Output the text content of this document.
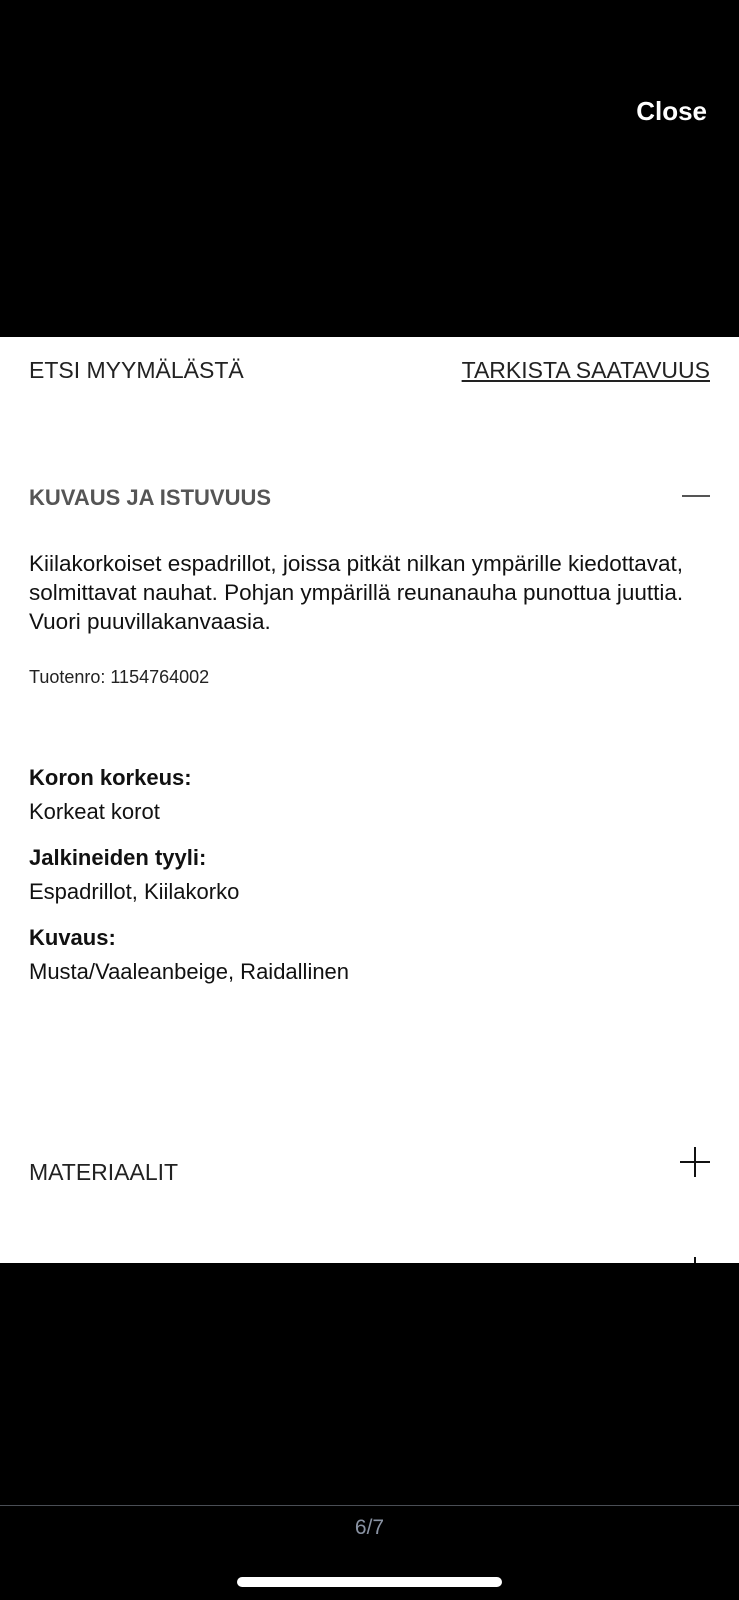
Close
ETSI MYYMÄLÄSTÄ	TARKISTA SAATAVUUS
KUVAUS JA ISTUVUUS
Kiilakorkoiset espadrillot, joissa pitkät nilkan ympärille kiedottavat, solmittavat nauhat. Pohjan ympärillä reunanauha punottua juuttia. Vuori puuvillakanvaasia.
Tuotenro: 1154764002
Koron korkeus:
Korkeat korot
Jalkineiden tyyli:
Espadrillot, Kiilakorko
Kuvaus:
Musta/Vaaleanbeige, Raidallinen
MATERIAALIT
6/7
